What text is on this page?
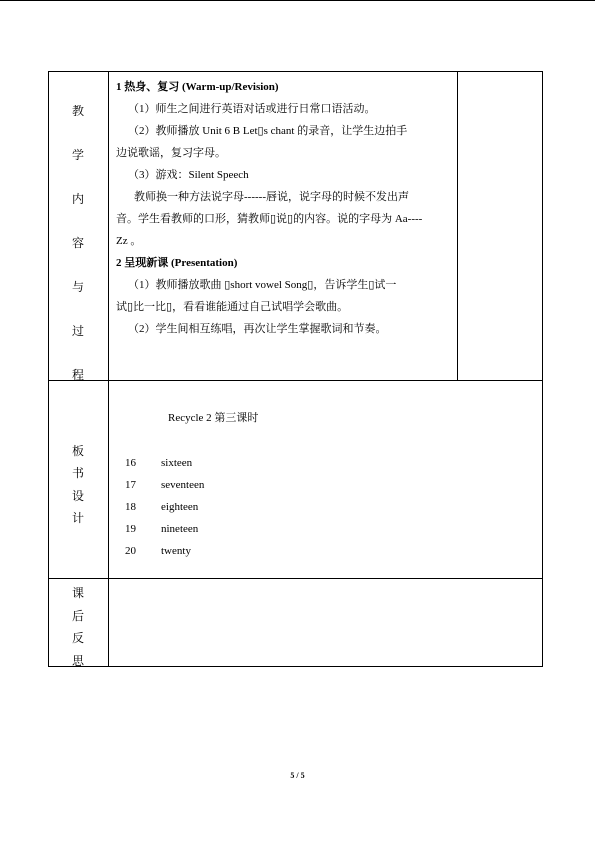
教
学
内
容
与
过
程

1 热身、复习 (Warm-up/Revision)

（1）师生之间进行英语对话或进行日常口语活动。

（2）教师播放 Unit 6 B Let▯s chant 的录音，让学生边拍手

边说歌谣，复习字母。

（3）游戏：Silent Speech

教师换一种方法说字母------唇说，说字母的时候不发出声

音。学生看教师的口形，猜教师▯说▯的内容。说的字母为 Aa----

Zz 。

2 呈现新课 (Presentation)

（1）教师播放歌曲 ▯short vowel Song▯，告诉学生▯试一

试▯比一比▯，看看谁能通过自己试唱学会歌曲。

（2）学生间相互练唱，再次让学生掌握歌词和节奏。

板
书
设
计
课
后
反
思
Recycle 2 第三课时
16 sixteen
17 seventeen
18 eighteen
19 nineteen
20 twenty
5 / 5
